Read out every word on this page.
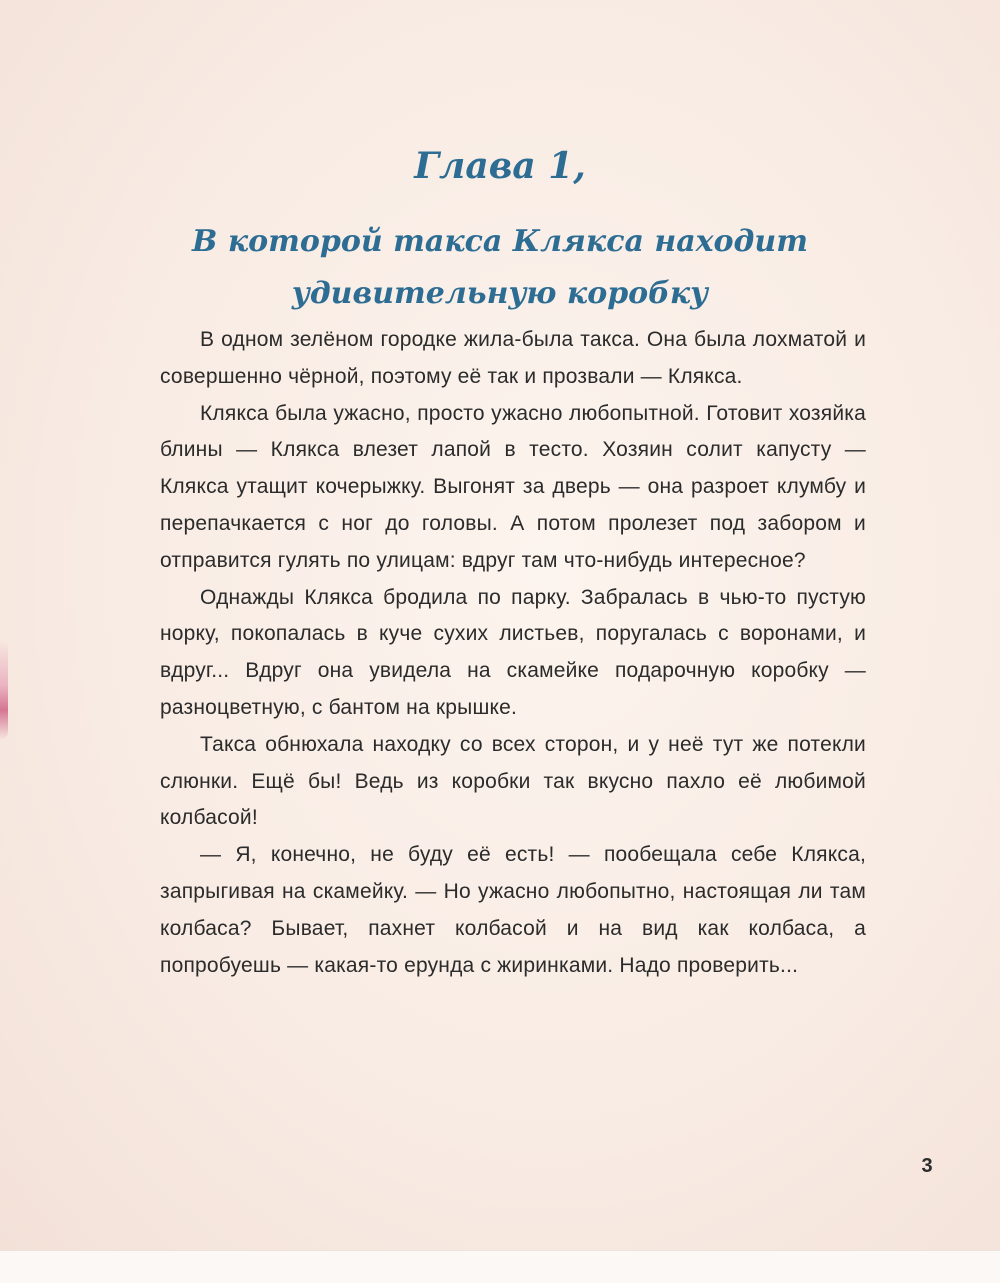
Глава 1,
В которой такса Клякса находит
удивительную коробку

В одном зелёном городке жила-была такса. Она была лохматой и совершенно чёрной, поэтому её так и прозвали — Клякса.

Клякса была ужасно, просто ужасно любопытной. Готовит хозяйка блины — Клякса влезет лапой в тесто. Хозяин солит капусту — Клякса утащит кочерыжку. Выгонят за дверь — она разроет клумбу и перепачкается с ног до головы. А потом пролезет под забором и отправится гулять по улицам: вдруг там что-нибудь интересное?

Однажды Клякса бродила по парку. Забралась в чью-то пустую норку, покопалась в куче сухих листьев, поругалась с воронами, и вдруг... Вдруг она увидела на скамейке подарочную коробку — разноцветную, с бантом на крышке.

Такса обнюхала находку со всех сторон, и у неё тут же потекли слюнки. Ещё бы! Ведь из коробки так вкусно пахло её любимой колбасой!

— Я, конечно, не буду её есть! — пообещала себе Клякса, запрыгивая на скамейку. — Но ужасно любопытно, настоящая ли там колбаса? Бывает, пахнет колбасой и на вид как колбаса, а попробуешь — какая-то ерунда с жиринками. Надо проверить...

3
